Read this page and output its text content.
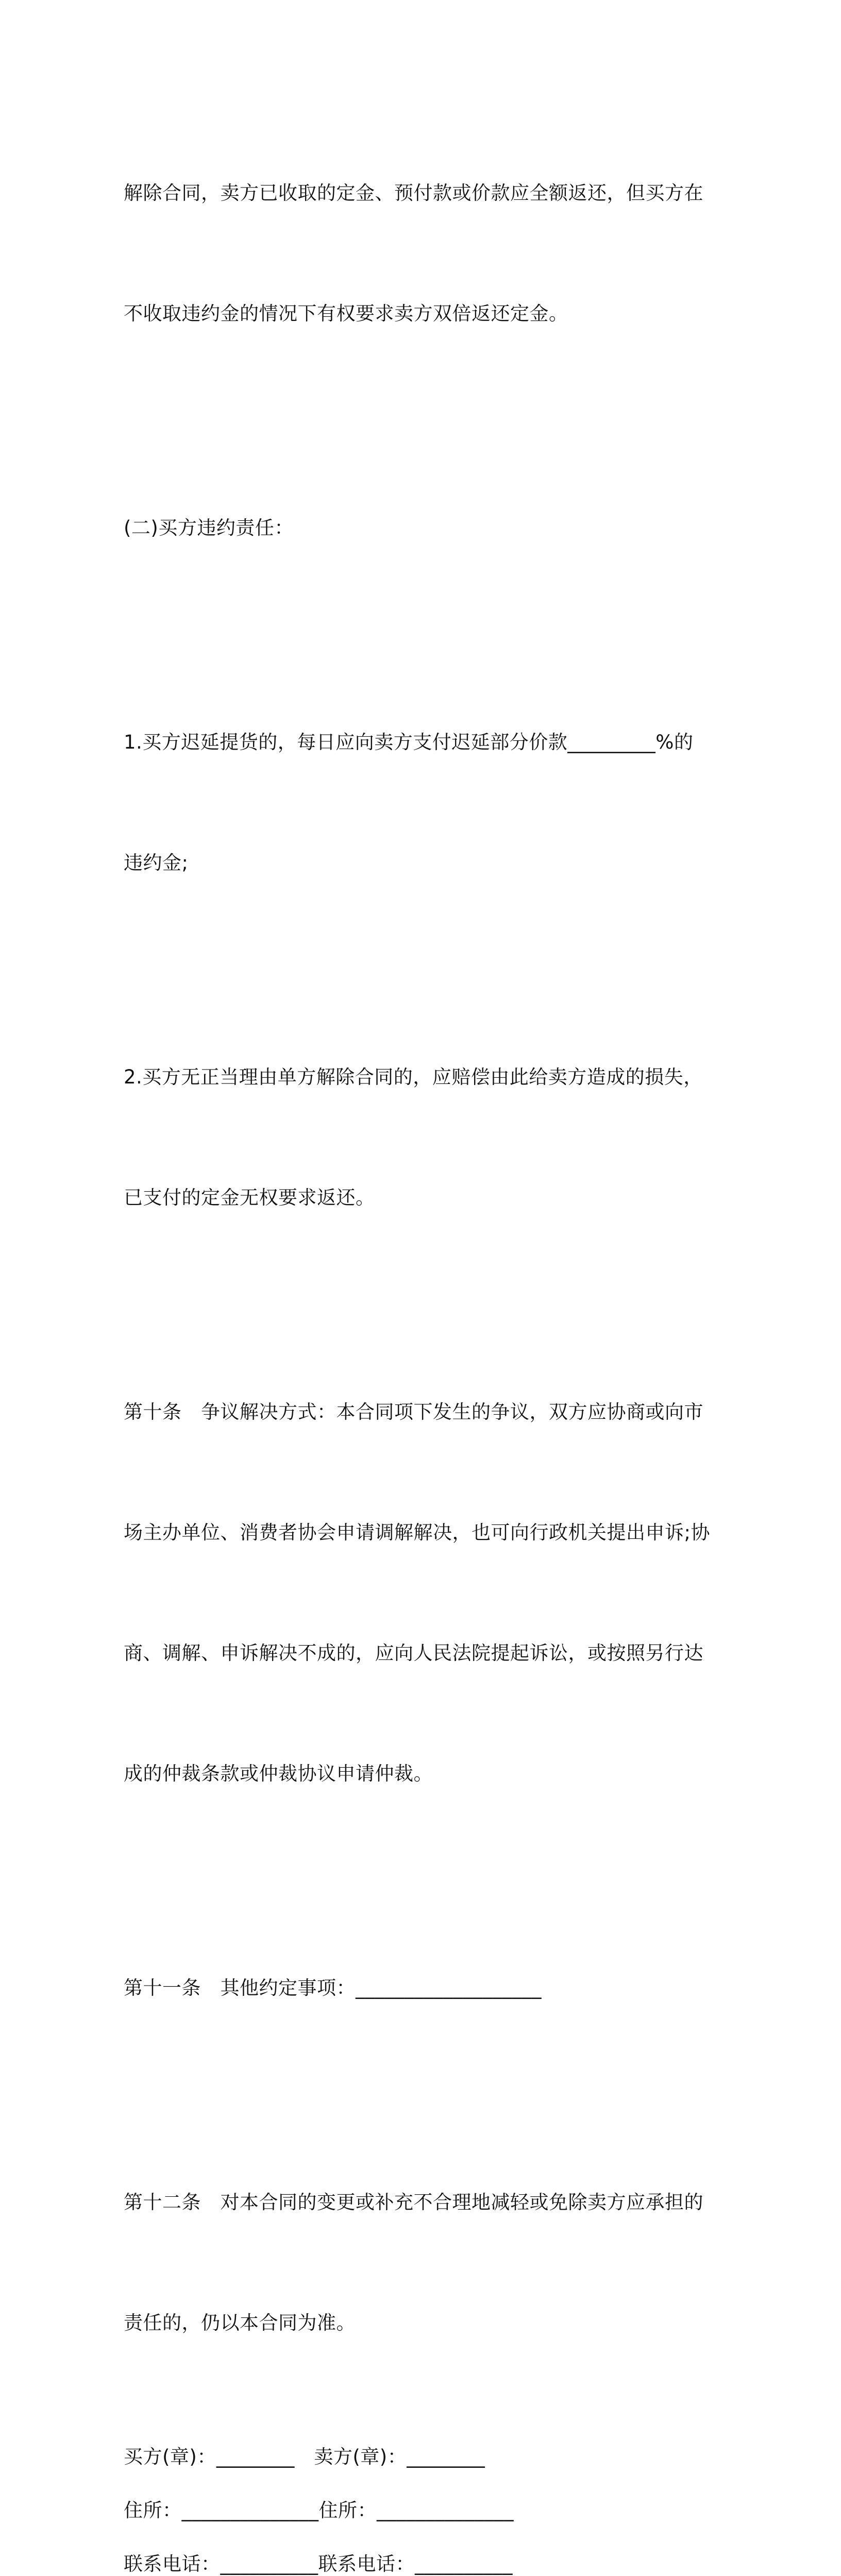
解除合同，卖方已收取的定金、预付款或价款应全额返还，但买方在

不收取违约金的情况下有权要求卖方双倍返还定金。

(二)买方违约责任：

1.买方迟延提货的，每日应向卖方支付迟延部分价款_________%的

违约金;

2.买方无正当理由单方解除合同的，应赔偿由此给卖方造成的损失，

已支付的定金无权要求返还。

第十条　争议解决方式：本合同项下发生的争议，双方应协商或向市

场主办单位、消费者协会申请调解解决，也可向行政机关提出申诉;协

商、调解、申诉解决不成的，应向人民法院提起诉讼，或按照另行达

成的仲裁条款或仲裁协议申请仲裁。

第十一条　其他约定事项：___________________

第十二条　对本合同的变更或补充不合理地减轻或免除卖方应承担的

责任的，仍以本合同为准。

买方(章)：________　卖方(章)：________
住所：______________住所：______________
联系电话：__________联系电话：__________
